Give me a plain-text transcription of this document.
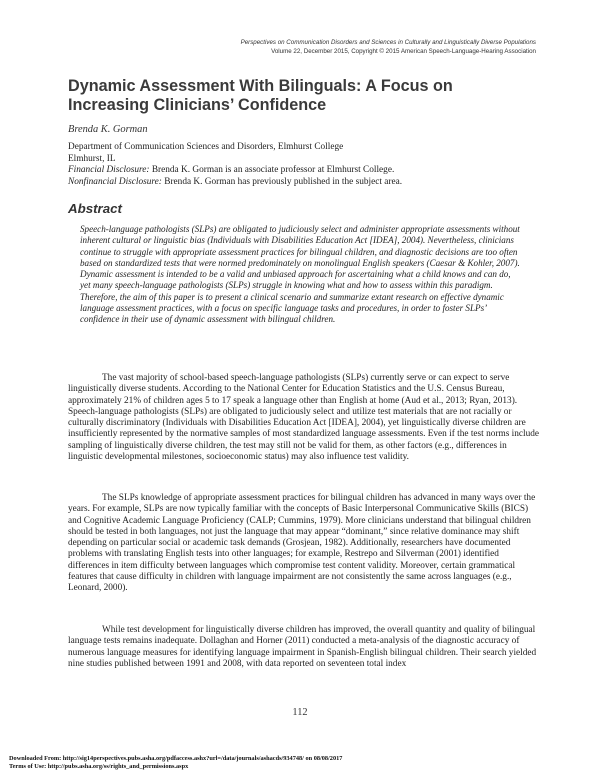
Perspectives on Communication Disorders and Sciences in Culturally and Linguistically Diverse Populations
Volume 22, December 2015, Copyright © 2015 American Speech-Language-Hearing Association
Dynamic Assessment With Bilinguals: A Focus on Increasing Clinicians’ Confidence

Brenda K. Gorman

Department of Communication Sciences and Disorders, Elmhurst College
Elmhurst, IL
Financial Disclosure: Brenda K. Gorman is an associate professor at Elmhurst College.
Nonfinancial Disclosure: Brenda K. Gorman has previously published in the subject area.
Abstract

Speech-language pathologists (SLPs) are obligated to judiciously select and administer appropriate assessments without inherent cultural or linguistic bias (Individuals with Disabilities Education Act [IDEA], 2004). Nevertheless, clinicians continue to struggle with appropriate assessment practices for bilingual children, and diagnostic decisions are too often based on standardized tests that were normed predominately on monolingual English speakers (Caesar & Kohler, 2007). Dynamic assessment is intended to be a valid and unbiased approach for ascertaining what a child knows and can do, yet many speech-language pathologists (SLPs) struggle in knowing what and how to assess within this paradigm. Therefore, the aim of this paper is to present a clinical scenario and summarize extant research on effective dynamic language assessment practices, with a focus on specific language tasks and procedures, in order to foster SLPs’ confidence in their use of dynamic assessment with bilingual children.

The vast majority of school-based speech-language pathologists (SLPs) currently serve or can expect to serve linguistically diverse students. According to the National Center for Education Statistics and the U.S. Census Bureau, approximately 21% of children ages 5 to 17 speak a language other than English at home (Aud et al., 2013; Ryan, 2013). Speech-language pathologists (SLPs) are obligated to judiciously select and utilize test materials that are not racially or culturally discriminatory (Individuals with Disabilities Education Act [IDEA], 2004), yet linguistically diverse children are insufficiently represented by the normative samples of most standardized language assessments. Even if the test norms include sampling of linguistically diverse children, the test may still not be valid for them, as other factors (e.g., differences in linguistic developmental milestones, socioeconomic status) may also influence test validity.

The SLPs knowledge of appropriate assessment practices for bilingual children has advanced in many ways over the years. For example, SLPs are now typically familiar with the concepts of Basic Interpersonal Communicative Skills (BICS) and Cognitive Academic Language Proficiency (CALP; Cummins, 1979). More clinicians understand that bilingual children should be tested in both languages, not just the language that may appear “dominant,” since relative dominance may shift depending on particular social or academic task demands (Grosjean, 1982). Additionally, researchers have documented problems with translating English tests into other languages; for example, Restrepo and Silverman (2001) identified differences in item difficulty between languages which compromise test content validity. Moreover, certain grammatical features that cause difficulty in children with language impairment are not consistently the same across languages (e.g., Leonard, 2000).

While test development for linguistically diverse children has improved, the overall quantity and quality of bilingual language tests remains inadequate. Dollaghan and Horner (2011) conducted a meta-analysis of the diagnostic accuracy of numerous language measures for identifying language impairment in Spanish-English bilingual children. Their search yielded nine studies published between 1991 and 2008, with data reported on seventeen total index

112
Downloaded From: http://sig14perspectives.pubs.asha.org/pdfaccess.ashx?url=/data/journals/ashacds/934748/ on 08/08/2017
Terms of Use: http://pubs.asha.org/ss/rights_and_permissions.aspx
